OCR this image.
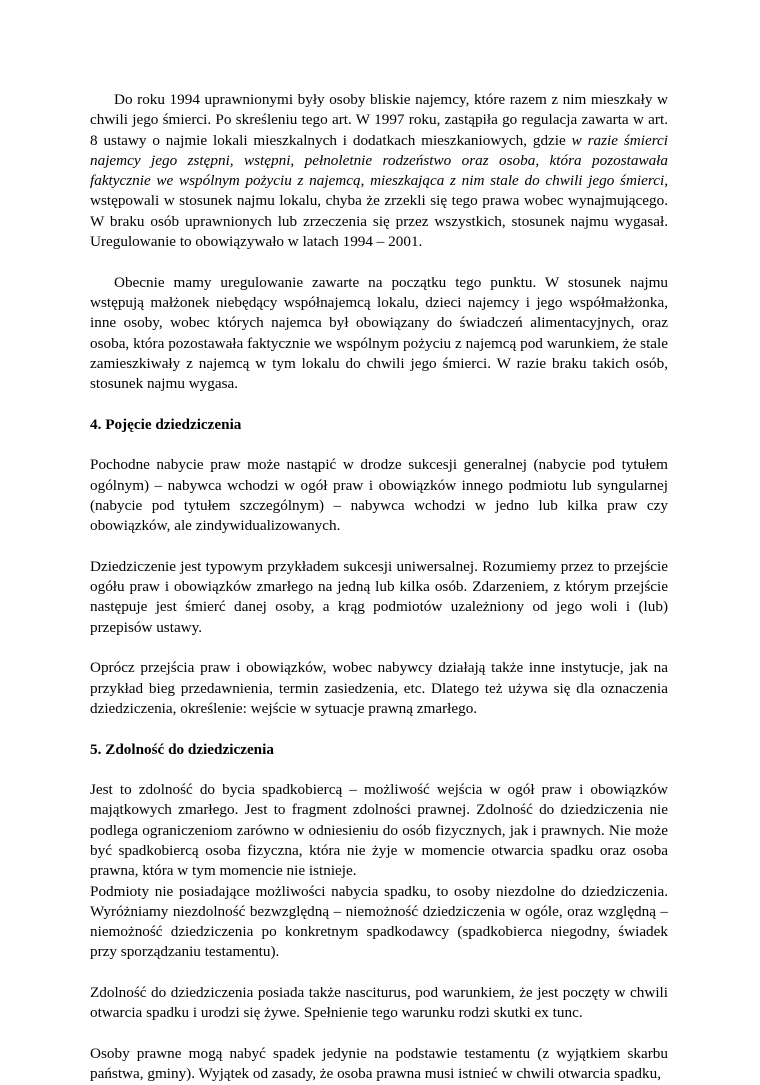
Do roku 1994 uprawnionymi były osoby bliskie najemcy, które razem z nim mieszkały w chwili jego śmierci. Po skreśleniu tego art. W 1997 roku, zastąpiła go regulacja zawarta w art. 8 ustawy o najmie lokali mieszkalnych i dodatkach mieszkaniowych, gdzie w razie śmierci najemcy jego zstępni, wstępni, pełnoletnie rodzeństwo oraz osoba, która pozostawała faktycznie we wspólnym pożyciu z najemcą, mieszkająca z nim stale do chwili jego śmierci, wstępowali w stosunek najmu lokalu, chyba że zrzekli się tego prawa wobec wynajmującego. W braku osób uprawnionych lub zrzeczenia się przez wszystkich, stosunek najmu wygasał. Uregulowanie to obowiązywało w latach 1994 – 2001.

Obecnie mamy uregulowanie zawarte na początku tego punktu. W stosunek najmu wstępują małżonek niebędący współnajemcą lokalu, dzieci najemcy i jego współmałżonka, inne osoby, wobec których najemca był obowiązany do świadczeń alimentacyjnych, oraz osoba, która pozostawała faktycznie we wspólnym pożyciu z najemcą pod warunkiem, że stale zamieszkiwały z najemcą w tym lokalu do chwili jego śmierci. W razie braku takich osób, stosunek najmu wygasa.

4. Pojęcie dziedziczenia

Pochodne nabycie praw może nastąpić w drodze sukcesji generalnej (nabycie pod tytułem ogólnym) – nabywca wchodzi w ogół praw i obowiązków innego podmiotu lub syngularnej (nabycie pod tytułem szczególnym) – nabywca wchodzi w jedno lub kilka praw czy obowiązków, ale zindywidualizowanych.

Dziedziczenie jest typowym przykładem sukcesji uniwersalnej. Rozumiemy przez to przejście ogółu praw i obowiązków zmarłego na jedną lub kilka osób. Zdarzeniem, z którym przejście następuje jest śmierć danej osoby, a krąg podmiotów uzależniony od jego woli i (lub) przepisów ustawy.

Oprócz przejścia praw i obowiązków, wobec nabywcy działają także inne instytucje, jak na przykład bieg przedawnienia, termin zasiedzenia, etc. Dlatego też używa się dla oznaczenia dziedziczenia, określenie: wejście w sytuacje prawną zmarłego.

5. Zdolność do dziedziczenia

Jest to zdolność do bycia spadkobiercą – możliwość wejścia w ogół praw i obowiązków majątkowych zmarłego. Jest to fragment zdolności prawnej. Zdolność do dziedziczenia nie podlega ograniczeniom zarówno w odniesieniu do osób fizycznych, jak i prawnych. Nie może być spadkobiercą osoba fizyczna, która nie żyje w momencie otwarcia spadku oraz osoba prawna, która w tym momencie nie istnieje.

Podmioty nie posiadające możliwości nabycia spadku, to osoby niezdolne do dziedziczenia. Wyróżniamy niezdolność bezwzględną – niemożność dziedziczenia w ogóle, oraz względną – niemożność dziedziczenia po konkretnym spadkodawcy (spadkobierca niegodny, świadek przy sporządzaniu testamentu).

Zdolność do dziedziczenia posiada także nasciturus, pod warunkiem, że jest poczęty w chwili otwarcia spadku i urodzi się żywe. Spełnienie tego warunku rodzi skutki ex tunc.

Osoby prawne mogą nabyć spadek jedynie na podstawie testamentu (z wyjątkiem skarbu państwa, gminy). Wyjątek od zasady, że osoba prawna musi istnieć w chwili otwarcia spadku,
